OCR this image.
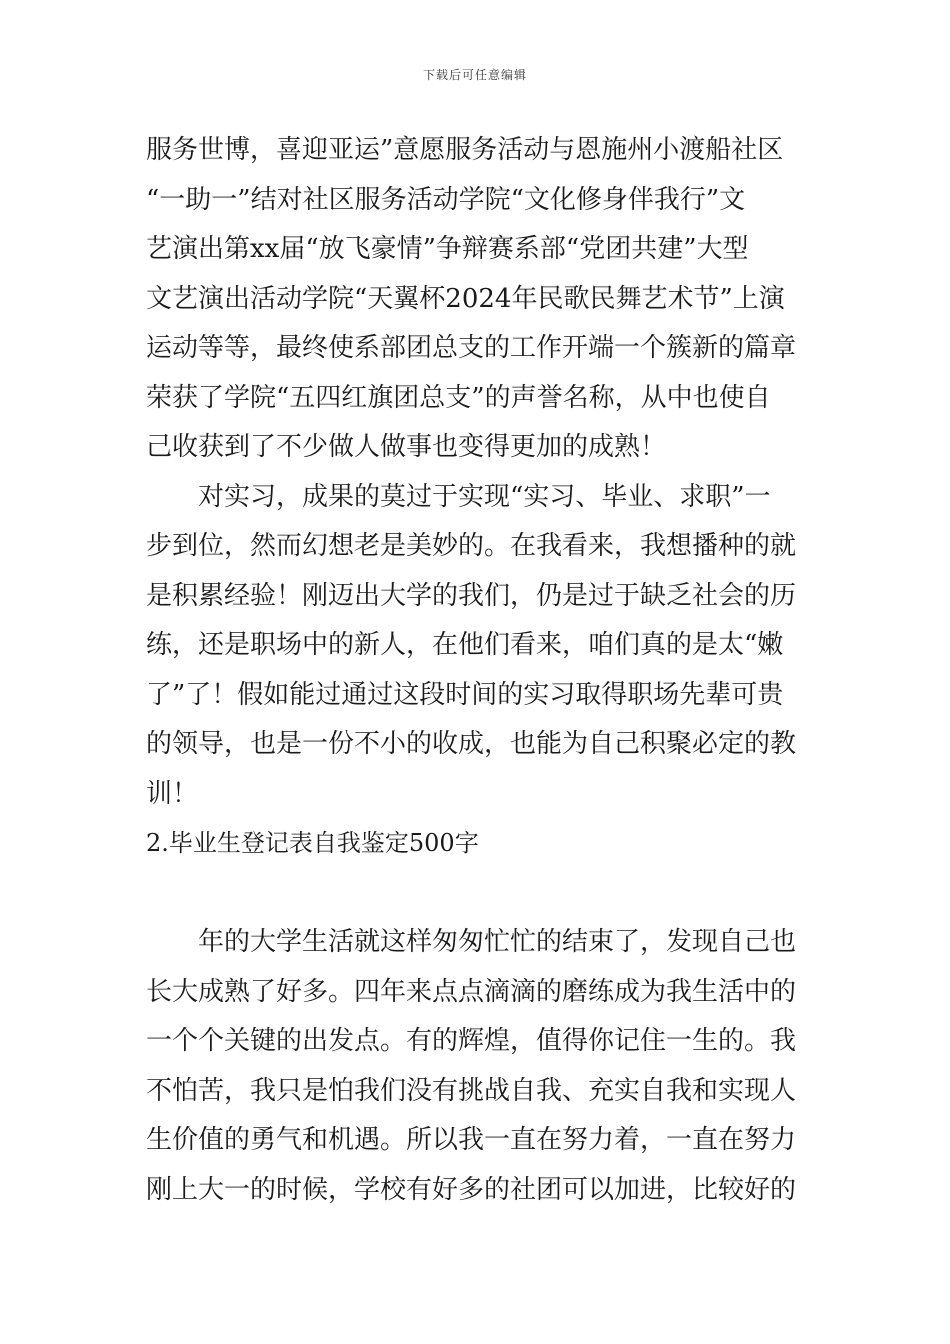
下载后可任意编辑
服务世博，喜迎亚运”意愿服务活动与恩施州小渡船社区
“一助一”结对社区服务活动学院“文化修身伴我行”文
艺演出第xx届“放飞豪情”争辩赛系部“党团共建”大型
文艺演出活动学院“天翼杯2024年民歌民舞艺术节”上演
运动等等，最终使系部团总支的工作开端一个簇新的篇章
荣获了学院“五四红旗团总支”的声誉名称，从中也使自
己收获到了不少做人做事也变得更加的成熟！
对实习，成果的莫过于实现“实习、毕业、求职”一
步到位，然而幻想老是美妙的。在我看来，我想播种的就
是积累经验！刚迈出大学的我们，仍是过于缺乏社会的历
练，还是职场中的新人，在他们看来，咱们真的是太“嫩
了”了！假如能过通过这段时间的实习取得职场先辈可贵
的领导，也是一份不小的收成，也能为自己积聚必定的教
训！
2.毕业生登记表自我鉴定500字
年的大学生活就这样匆匆忙忙的结束了，发现自己也
长大成熟了好多。四年来点点滴滴的磨练成为我生活中的
一个个关键的出发点。有的辉煌，值得你记住一生的。我
不怕苦，我只是怕我们没有挑战自我、充实自我和实现人
生价值的勇气和机遇。所以我一直在努力着，一直在努力
刚上大一的时候，学校有好多的社团可以加进，比较好的
